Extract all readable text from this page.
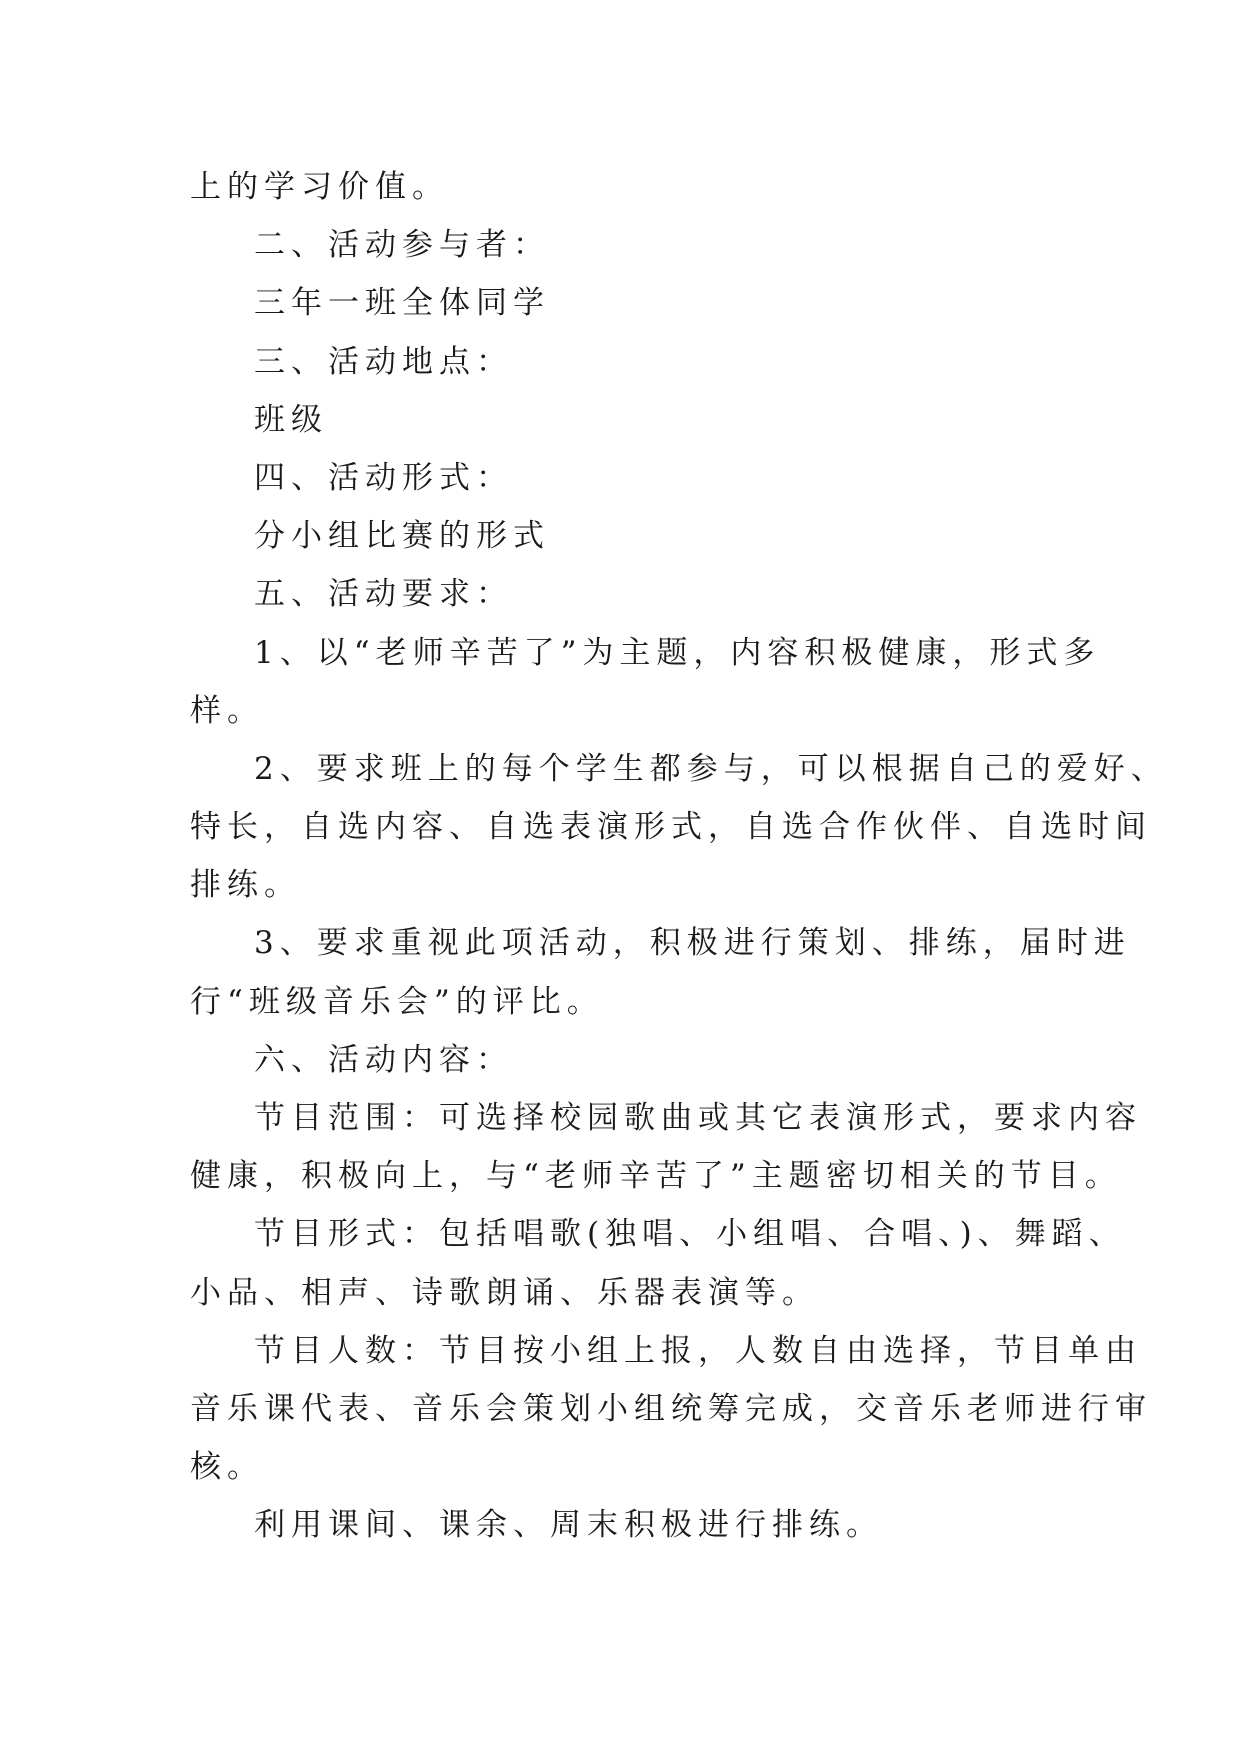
上的学习价值。
二、活动参与者：
三年一班全体同学
三、活动地点：
班级
四、活动形式：
分小组比赛的形式
五、活动要求：
1、以“老师辛苦了”为主题，内容积极健康，形式多
样。
2、要求班上的每个学生都参与，可以根据自己的爱好、
特长，自选内容、自选表演形式，自选合作伙伴、自选时间
排练。
3、要求重视此项活动，积极进行策划、排练，届时进
行“班级音乐会”的评比。
六、活动内容：
节目范围：可选择校园歌曲或其它表演形式，要求内容
健康，积极向上，与“老师辛苦了”主题密切相关的节目。
节目形式：包括唱歌(独唱、小组唱、合唱、)、舞蹈、
小品、相声、诗歌朗诵、乐器表演等。
节目人数：节目按小组上报，人数自由选择，节目单由
音乐课代表、音乐会策划小组统筹完成，交音乐老师进行审
核。
利用课间、课余、周末积极进行排练。
